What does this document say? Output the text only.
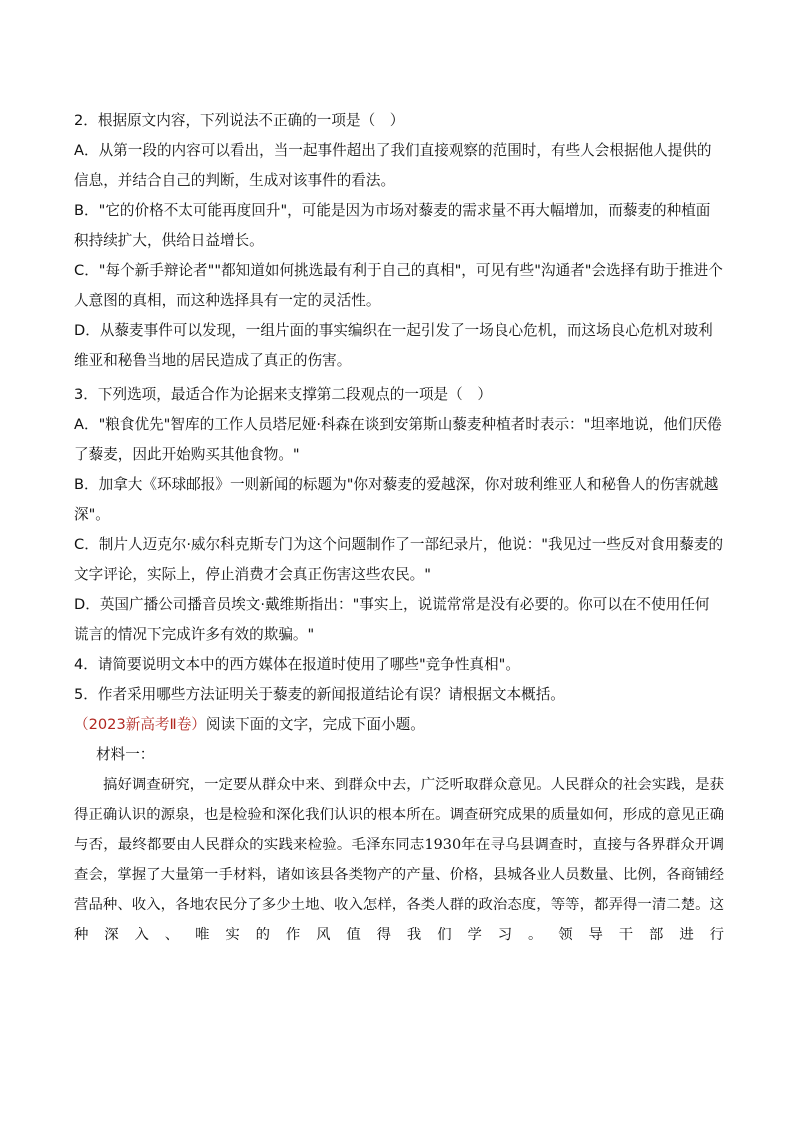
2．根据原文内容，下列说法不正确的一项是（　）

A．从第一段的内容可以看出，当一起事件超出了我们直接观察的范围时，有些人会根据他人提供的信息，并结合自己的判断，生成对该事件的看法。

B．"它的价格不太可能再度回升"，可能是因为市场对藜麦的需求量不再大幅增加，而藜麦的种植面积持续扩大，供给日益增长。

C．"每个新手辩论者""都知道如何挑选最有利于自己的真相"，可见有些"沟通者"会选择有助于推进个人意图的真相，而这种选择具有一定的灵活性。

D．从藜麦事件可以发现，一组片面的事实编织在一起引发了一场良心危机，而这场良心危机对玻利维亚和秘鲁当地的居民造成了真正的伤害。

3．下列选项，最适合作为论据来支撑第二段观点的一项是（　）

A．"粮食优先"智库的工作人员塔尼娅·科森在谈到安第斯山藜麦种植者时表示："坦率地说，他们厌倦了藜麦，因此开始购买其他食物。"

B．加拿大《环球邮报》一则新闻的标题为"你对藜麦的爱越深，你对玻利维亚人和秘鲁人的伤害就越深"。

C．制片人迈克尔·威尔科克斯专门为这个问题制作了一部纪录片，他说："我见过一些反对食用藜麦的文字评论，实际上，停止消费才会真正伤害这些农民。"

D．英国广播公司播音员埃文·戴维斯指出："事实上，说谎常常是没有必要的。你可以在不使用任何谎言的情况下完成许多有效的欺骗。"

4．请简要说明文本中的西方媒体在报道时使用了哪些"竞争性真相"。

5．作者采用哪些方法证明关于藜麦的新闻报道结论有误？请根据文本概括。

（2023新高考Ⅱ卷）阅读下面的文字，完成下面小题。

材料一：

搞好调查研究，一定要从群众中来、到群众中去，广泛听取群众意见。人民群众的社会实践，是获得正确认识的源泉，也是检验和深化我们认识的根本所在。调查研究成果的质量如何，形成的意见正确与否，最终都要由人民群众的实践来检验。毛泽东同志1930年在寻乌县调查时，直接与各界群众开调查会，掌握了大量第一手材料，诸如该县各类物产的产量、价格，县城各业人员数量、比例，各商铺经营品种、收入，各地农民分了多少土地、收入怎样，各类人群的政治态度，等等，都弄得一清二楚。这种深入、唯实的作风值得我们学习。领导干部进行
